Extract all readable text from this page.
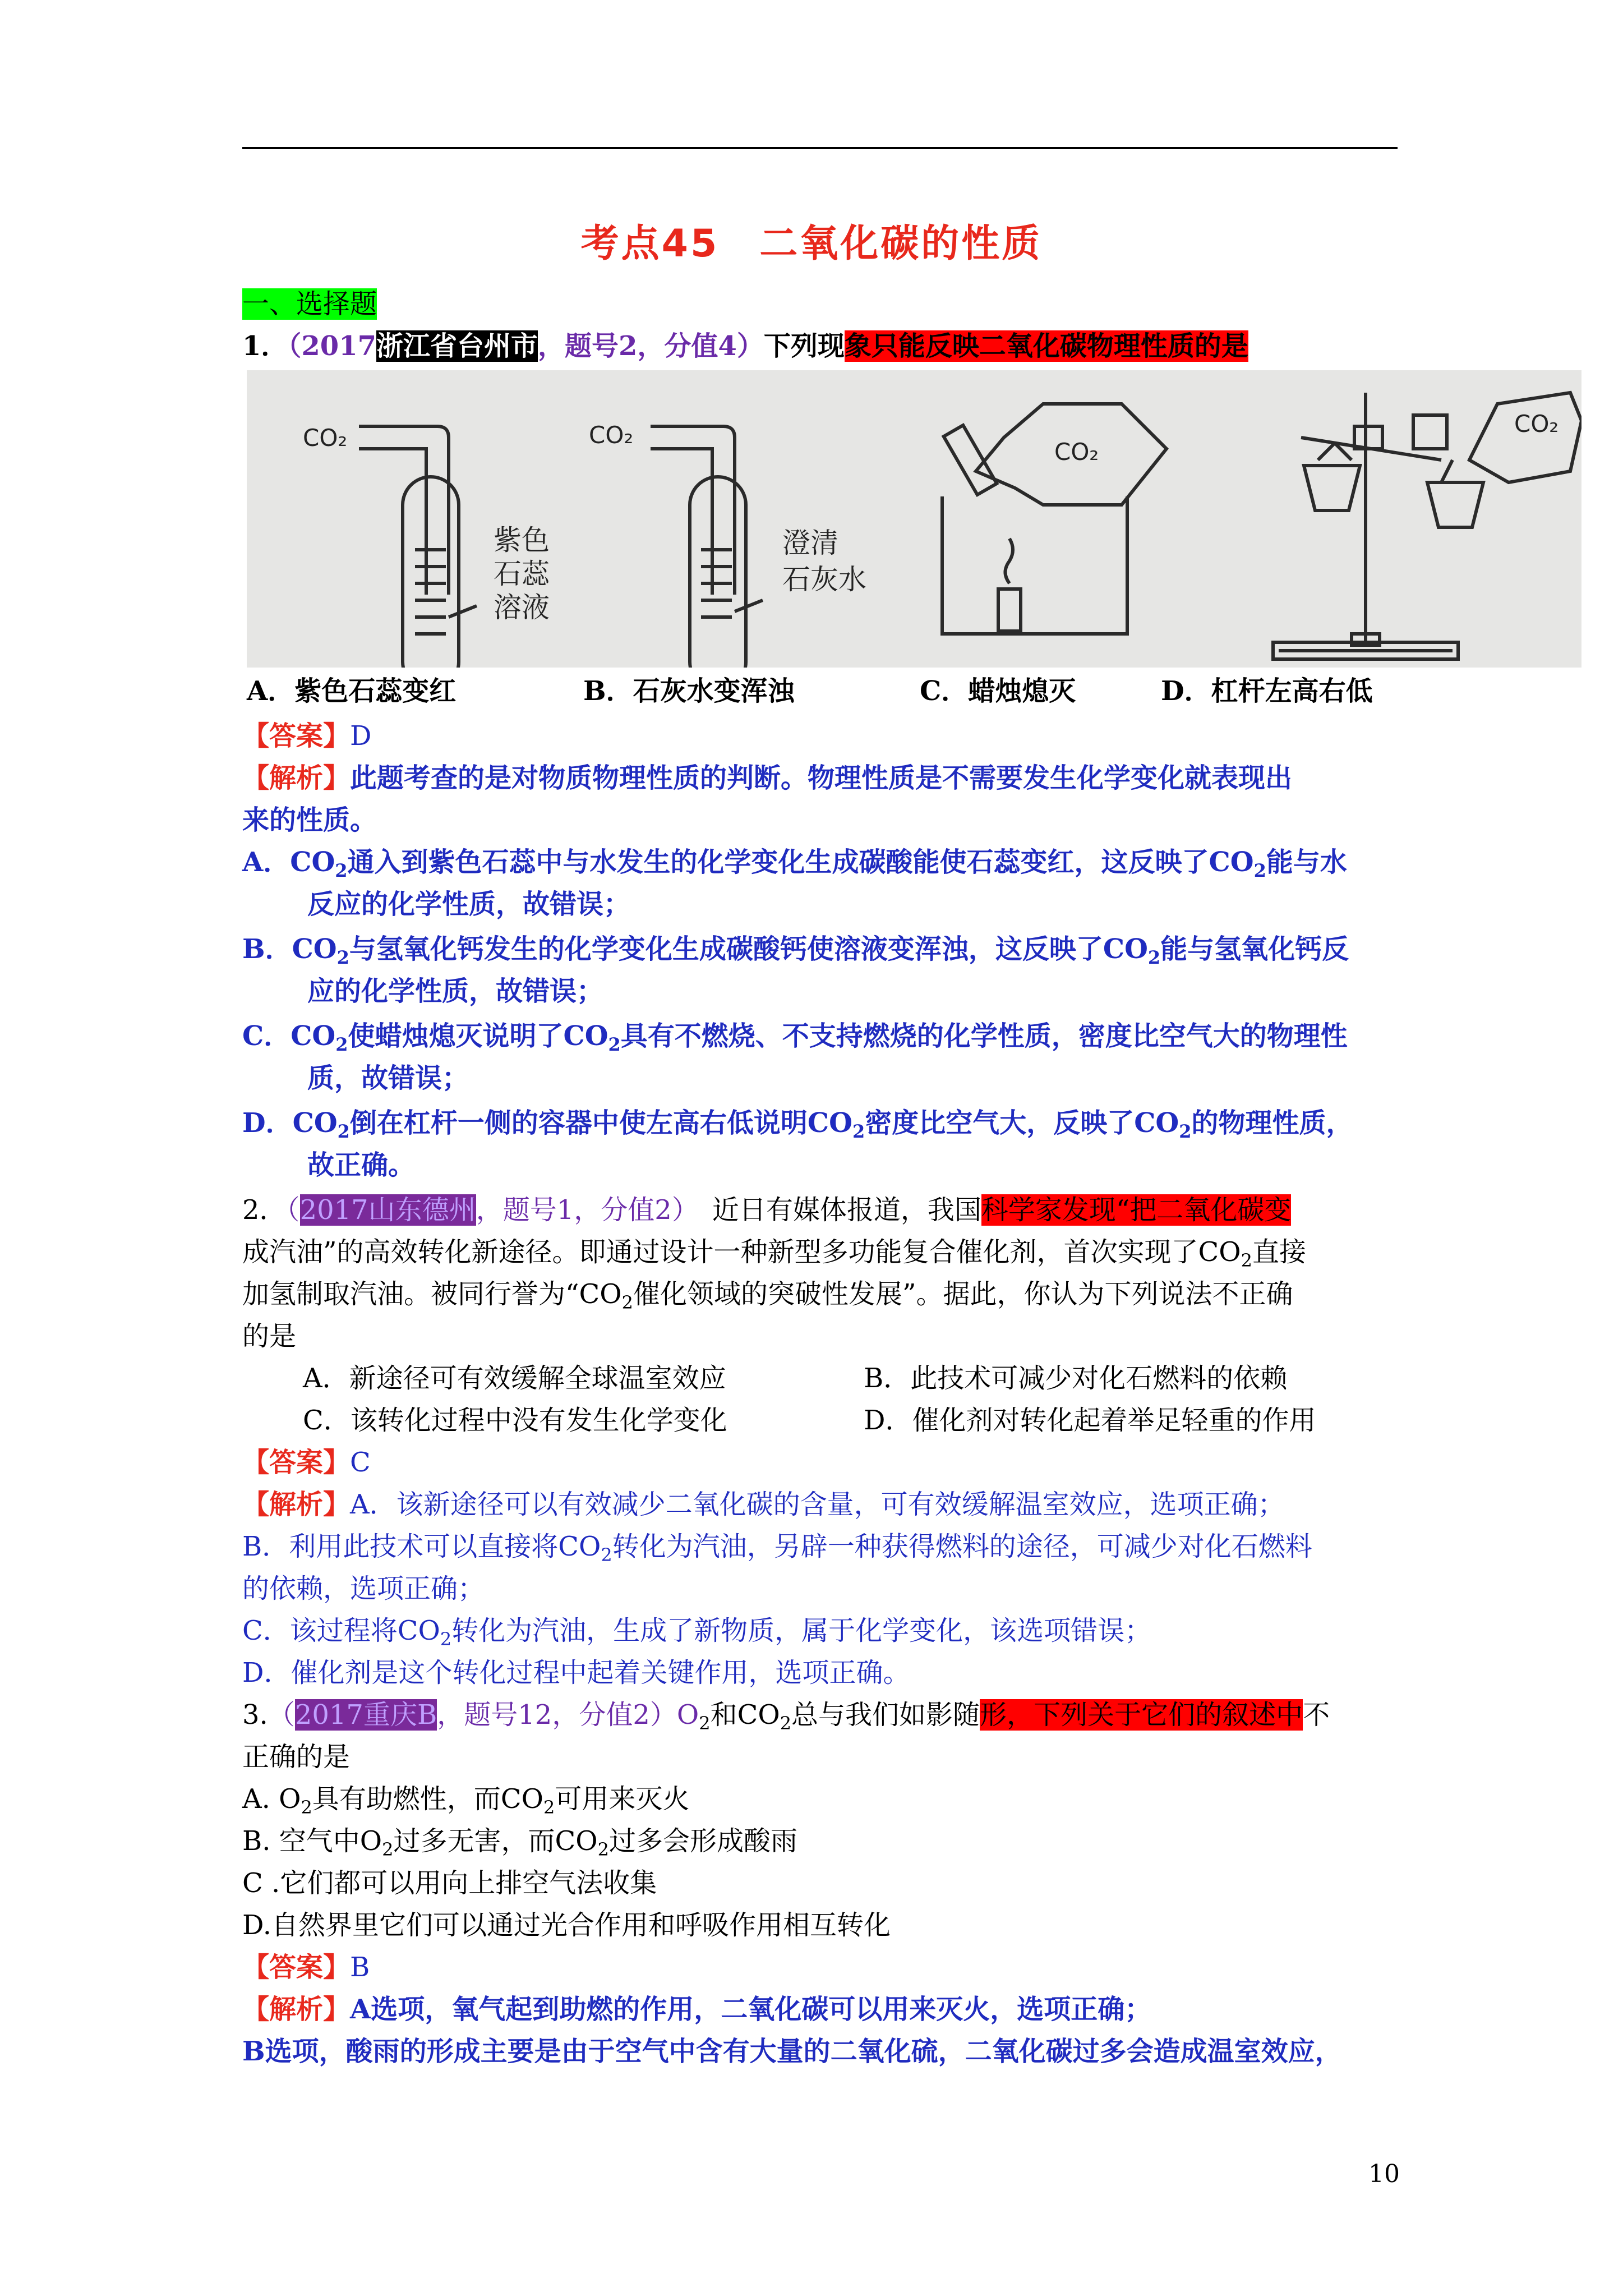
考点45　二氧化碳的性质
一、选择题
1．（2017浙江省台州市，题号2，分值4）下列现象只能反映二氧化碳物理性质的是
CO₂	CO₂
CO₂
CO₂
紫色
石蕊
溶液
澄清
石灰水
A．紫色石蕊变红	B．石灰水变浑浊	C．蜡烛熄灭	D．杠杆左高右低
【答案】D
【解析】此题考查的是对物质物理性质的判断。物理性质是不需要发生化学变化就表现出
来的性质。
A．$CO_2$通入到紫色石蕊中与水发生的化学变化生成碳酸能使石蕊变红，这反映了$CO_2$能与水
反应的化学性质，故错误；
B．$CO_2$与氢氧化钙发生的化学变化生成碳酸钙使溶液变浑浊，这反映了$CO_2$能与氢氧化钙反
应的化学性质，故错误；
C．$CO_2$使蜡烛熄灭说明了$CO_2$具有不燃烧、不支持燃烧的化学性质，密度比空气大的物理性
质，故错误；
D．$CO_2$倒在杠杆一侧的容器中使左高右低说明$CO_2$密度比空气大，反映了$CO_2$的物理性质，
故正确。
2．（2017山东德州，题号1，分值2）　近日有媒体报道，我国科学家发现“把二氧化碳变
成汽油”的高效转化新途径。即通过设计一种新型多功能复合催化剂，首次实现了$CO_2$直接
加氢制取汽油。被同行誉为“$CO_2$催化领域的突破性发展”。据此，你认为下列说法不正确
的是
A．新途径可有效缓解全球温室效应	B．此技术可减少对化石燃料的依赖
C．该转化过程中没有发生化学变化	D．催化剂对转化起着举足轻重的作用
【答案】C
【解析】A．该新途径可以有效减少二氧化碳的含量，可有效缓解温室效应，选项正确；
B．利用此技术可以直接将$CO_2$转化为汽油，另辟一种获得燃料的途径，可减少对化石燃料
的依赖，选项正确；
C．该过程将$CO_2$转化为汽油，生成了新物质，属于化学变化，该选项错误；
D．催化剂是这个转化过程中起着关键作用，选项正确。
3.（2017重庆B，题号12，分值$2)O_2$和$CO_2$总与我们如影随形，下列关于它们的叙述中不
正确的是
A. $O_2$具有助燃性，而$CO_2$可用来灭火
B. 空气中$O_2$过多无害，而$CO_2$过多会形成酸雨
C .它们都可以用向上排空气法收集
D.自然界里它们可以通过光合作用和呼吸作用相互转化
【答案】B
【解析】A选项，氧气起到助燃的作用，二氧化碳可以用来灭火，选项正确；
B选项，酸雨的形成主要是由于空气中含有大量的二氧化硫，二氧化碳过多会造成温室效应，
10
